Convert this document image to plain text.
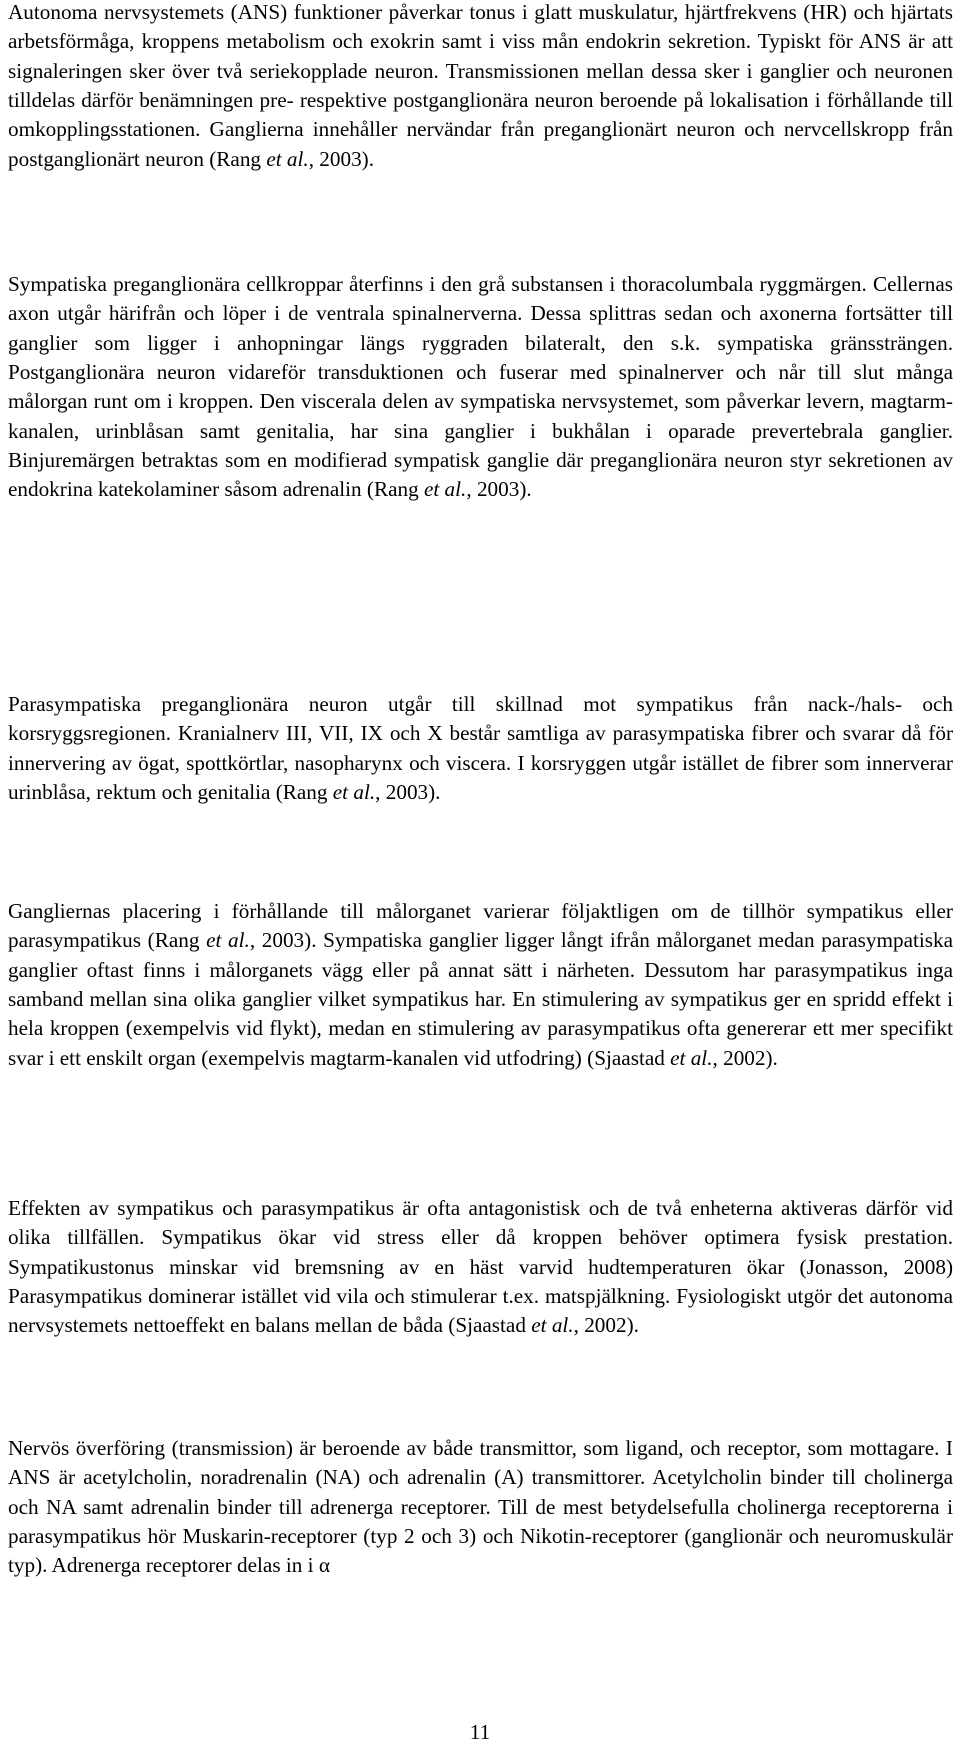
Autonoma nervsystemets (ANS) funktioner påverkar tonus i glatt muskulatur, hjärtfrekvens (HR) och hjärtats arbetsförmåga, kroppens metabolism och exokrin samt i viss mån endokrin sekretion. Typiskt för ANS är att signaleringen sker över två seriekopplade neuron. Transmissionen mellan dessa sker i ganglier och neuronen tilldelas därför benämningen pre- respektive postganglionära neuron beroende på lokalisation i förhållande till omkopplingsstationen. Ganglierna innehåller nervändar från preganglionärt neuron och nervcellskropp från postganglionärt neuron (Rang et al., 2003).

Sympatiska preganglionära cellkroppar återfinns i den grå substansen i thoracolumbala ryggmärgen. Cellernas axon utgår härifrån och löper i de ventrala spinalnerverna. Dessa splittras sedan och axonerna fortsätter till ganglier som ligger i anhopningar längs ryggraden bilateralt, den s.k. sympatiska gränssträngen. Postganglionära neuron vidareför transduktionen och fuserar med spinalnerver och når till slut många målorgan runt om i kroppen. Den viscerala delen av sympatiska nervsystemet, som påverkar levern, magtarm-kanalen, urinblåsan samt genitalia, har sina ganglier i bukhålan i oparade prevertebrala ganglier. Binjuremärgen betraktas som en modifierad sympatisk ganglie där preganglionära neuron styr sekretionen av endokrina katekolaminer såsom adrenalin (Rang et al., 2003).

Parasympatiska preganglionära neuron utgår till skillnad mot sympatikus från nack-/hals- och korsryggsregionen. Kranialnerv III, VII, IX och X består samtliga av parasympatiska fibrer och svarar då för innervering av ögat, spottkörtlar, nasopharynx och viscera. I korsryggen utgår istället de fibrer som innerverar urinblåsa, rektum och genitalia (Rang et al., 2003).

Gangliernas placering i förhållande till målorganet varierar följaktligen om de tillhör sympatikus eller parasympatikus (Rang et al., 2003). Sympatiska ganglier ligger långt ifrån målorganet medan parasympatiska ganglier oftast finns i målorganets vägg eller på annat sätt i närheten. Dessutom har parasympatikus inga samband mellan sina olika ganglier vilket sympatikus har. En stimulering av sympatikus ger en spridd effekt i hela kroppen (exempelvis vid flykt), medan en stimulering av parasympatikus ofta genererar ett mer specifikt svar i ett enskilt organ (exempelvis magtarm-kanalen vid utfodring) (Sjaastad et al., 2002).

Effekten av sympatikus och parasympatikus är ofta antagonistisk och de två enheterna aktiveras därför vid olika tillfällen. Sympatikus ökar vid stress eller då kroppen behöver optimera fysisk prestation. Sympatikustonus minskar vid bremsning av en häst varvid hudtemperaturen ökar (Jonasson, 2008) Parasympatikus dominerar istället vid vila och stimulerar t.ex. matspjälkning. Fysiologiskt utgör det autonoma nervsystemets nettoeffekt en balans mellan de båda (Sjaastad et al., 2002).

Nervös överföring (transmission) är beroende av både transmittor, som ligand, och receptor, som mottagare. I ANS är acetylcholin, noradrenalin (NA) och adrenalin (A) transmittorer. Acetylcholin binder till cholinerga och NA samt adrenalin binder till adrenerga receptorer. Till de mest betydelsefulla cholinerga receptorerna i parasympatikus hör Muskarin-receptorer (typ 2 och 3) och Nikotin-receptorer (ganglionär och neuromuskulär typ). Adrenerga receptorer delas in i α

11
